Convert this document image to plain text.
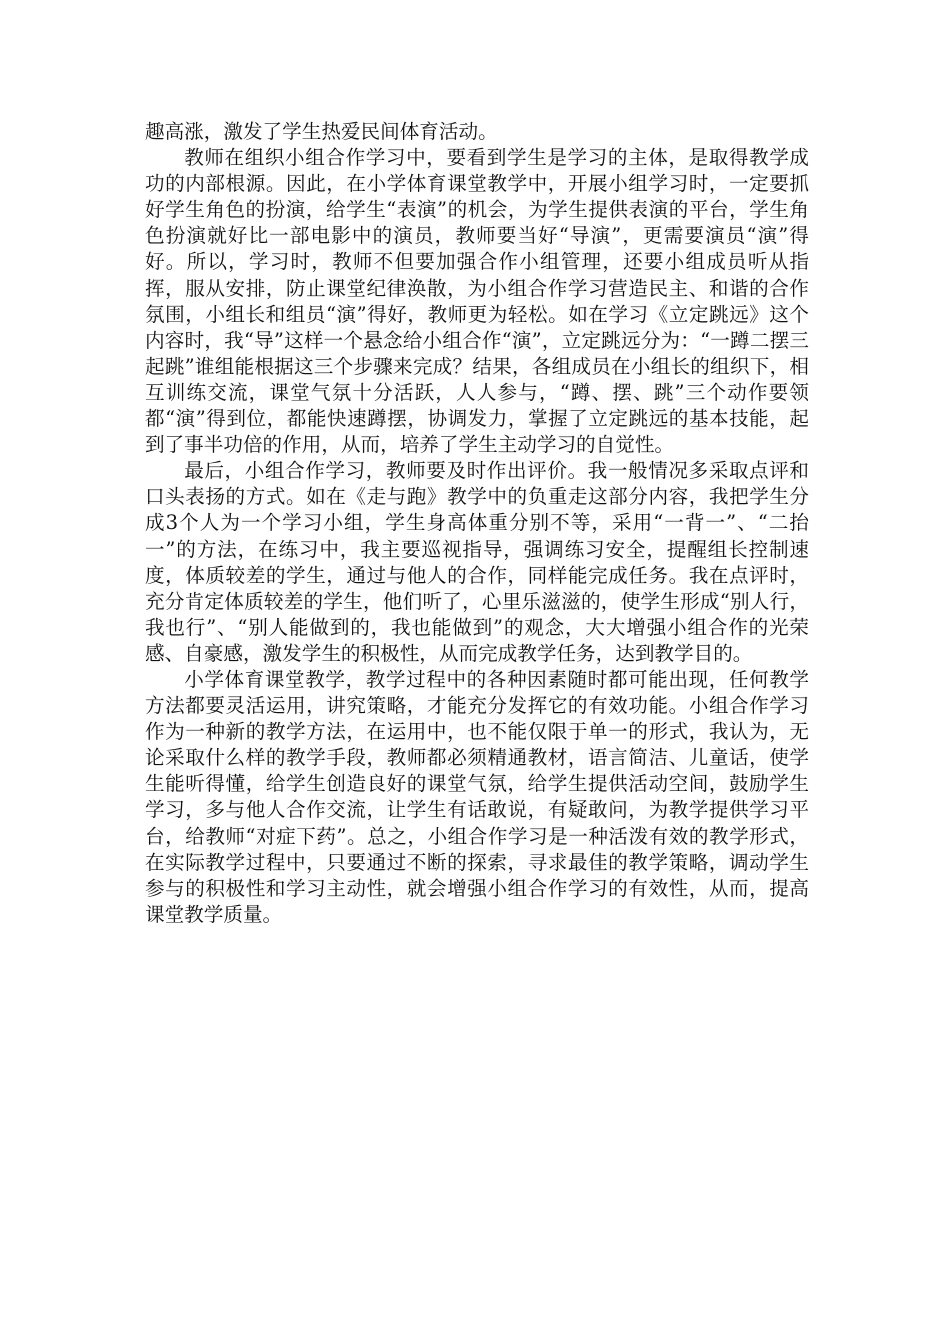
趣高涨，激发了学生热爱民间体育活动。

教师在组织小组合作学习中，要看到学生是学习的主体，是取得教学成功的内部根源。因此，在小学体育课堂教学中，开展小组学习时，一定要抓好学生角色的扮演，给学生“表演”的机会，为学生提供表演的平台，学生角色扮演就好比一部电影中的演员，教师要当好“导演”，更需要演员“演”得好。所以，学习时，教师不但要加强合作小组管理，还要小组成员听从指挥，服从安排，防止课堂纪律涣散，为小组合作学习营造民主、和谐的合作氛围，小组长和组员“演”得好，教师更为轻松。如在学习《立定跳远》这个内容时，我“导”这样一个悬念给小组合作“演”，立定跳远分为：“一蹲二摆三起跳”谁组能根据这三个步骤来完成？结果，各组成员在小组长的组织下，相互训练交流，课堂气氛十分活跃，人人参与，“蹲、摆、跳”三个动作要领都“演”得到位，都能快速蹲摆，协调发力，掌握了立定跳远的基本技能，起到了事半功倍的作用，从而，培养了学生主动学习的自觉性。

最后，小组合作学习，教师要及时作出评价。我一般情况多采取点评和口头表扬的方式。如在《走与跑》教学中的负重走这部分内容，我把学生分成3个人为一个学习小组，学生身高体重分别不等，采用“一背一”、“二抬一”的方法，在练习中，我主要巡视指导，强调练习安全，提醒组长控制速度，体质较差的学生，通过与他人的合作，同样能完成任务。我在点评时，充分肯定体质较差的学生，他们听了，心里乐滋滋的，使学生形成“别人行，我也行”、“别人能做到的，我也能做到”的观念，大大增强小组合作的光荣感、自豪感，激发学生的积极性，从而完成教学任务，达到教学目的。

小学体育课堂教学，教学过程中的各种因素随时都可能出现，任何教学方法都要灵活运用，讲究策略，才能充分发挥它的有效功能。小组合作学习作为一种新的教学方法，在运用中，也不能仅限于单一的形式，我认为，无论采取什么样的教学手段，教师都必须精通教材，语言简洁、儿童话，使学生能听得懂，给学生创造良好的课堂气氛，给学生提供活动空间，鼓励学生学习，多与他人合作交流，让学生有话敢说，有疑敢问，为教学提供学习平台，给教师“对症下药”。总之，小组合作学习是一种活泼有效的教学形式，在实际教学过程中，只要通过不断的探索，寻求最佳的教学策略，调动学生参与的积极性和学习主动性，就会增强小组合作学习的有效性，从而，提高课堂教学质量。
